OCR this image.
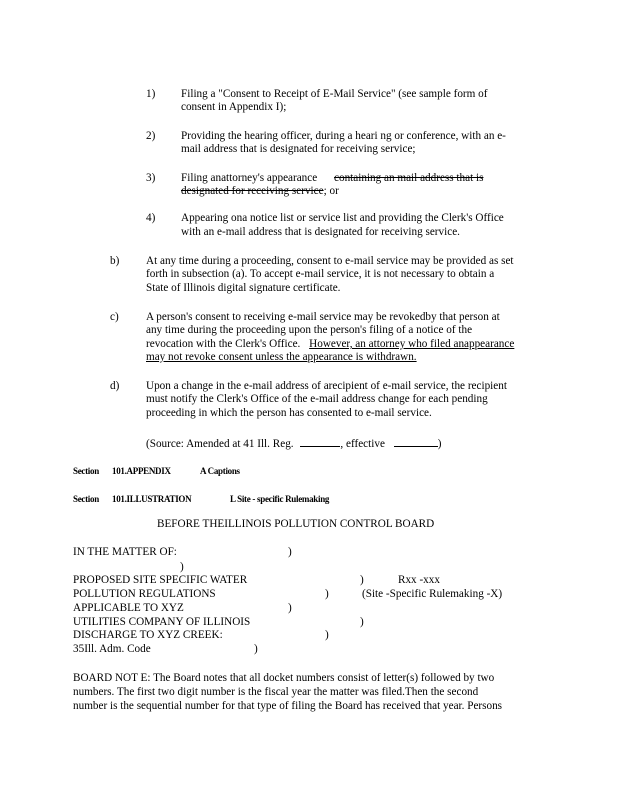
1) Filing a "Consent to Receipt of E-Mail Service" (see sample form of
consent in Appendix I);
2) Providing the hearing officer, during a heari ng or conference, with an e-
mail address that is designated for receiving service;
3) Filing anattorney's appearance containing an mail address that is
designated for receiving service; or
4) Appearing ona notice list or service list and providing the Clerk's Office
with an e-mail address that is designated for receiving service.
b) At any time during a proceeding, consent to e-mail service may be provided as set
forth in subsection (a). To accept e-mail service, it is not necessary to obtain a
State of Illinois digital signature certificate.
c) A person's consent to receiving e-mail service may be revokedby that person at
any time during the proceeding upon the person's filing of a notice of the
revocation with the Clerk's Office. However, an attorney who filed anappearance
may not revoke consent unless the appearance is withdrawn.
d) Upon a change in the e-mail address of arecipient of e-mail service, the recipient
must notify the Clerk's Office of the e-mail address change for each pending
proceeding in which the person has consented to e-mail service.
(Source: Amended at 41 Ill. Reg.	, effective	)
Section 101.APPENDIX	A Captions
Section 101.ILLUSTRATION	L Site - specific Rulemaking
BEFORE THEILLINOIS POLLUTION CONTROL BOARD
IN THE MATTER OF:	)
)
PROPOSED SITE SPECIFIC WATER	)	Rxx -xxx
POLLUTION REGULATIONS	)	(Site -Specific Rulemaking -X)
APPLICABLE TO XYZ	)
UTILITIES COMPANY OF ILLINOIS	)
DISCHARGE TO XYZ CREEK:	)
35Ill. Adm. Code	)
BOARD NOT E: The Board notes that all docket numbers consist of letter(s) followed by two
numbers. The first two digit number is the fiscal year the matter was filed.Then the second
number is the sequential number for that type of filing the Board has received that year. Persons
